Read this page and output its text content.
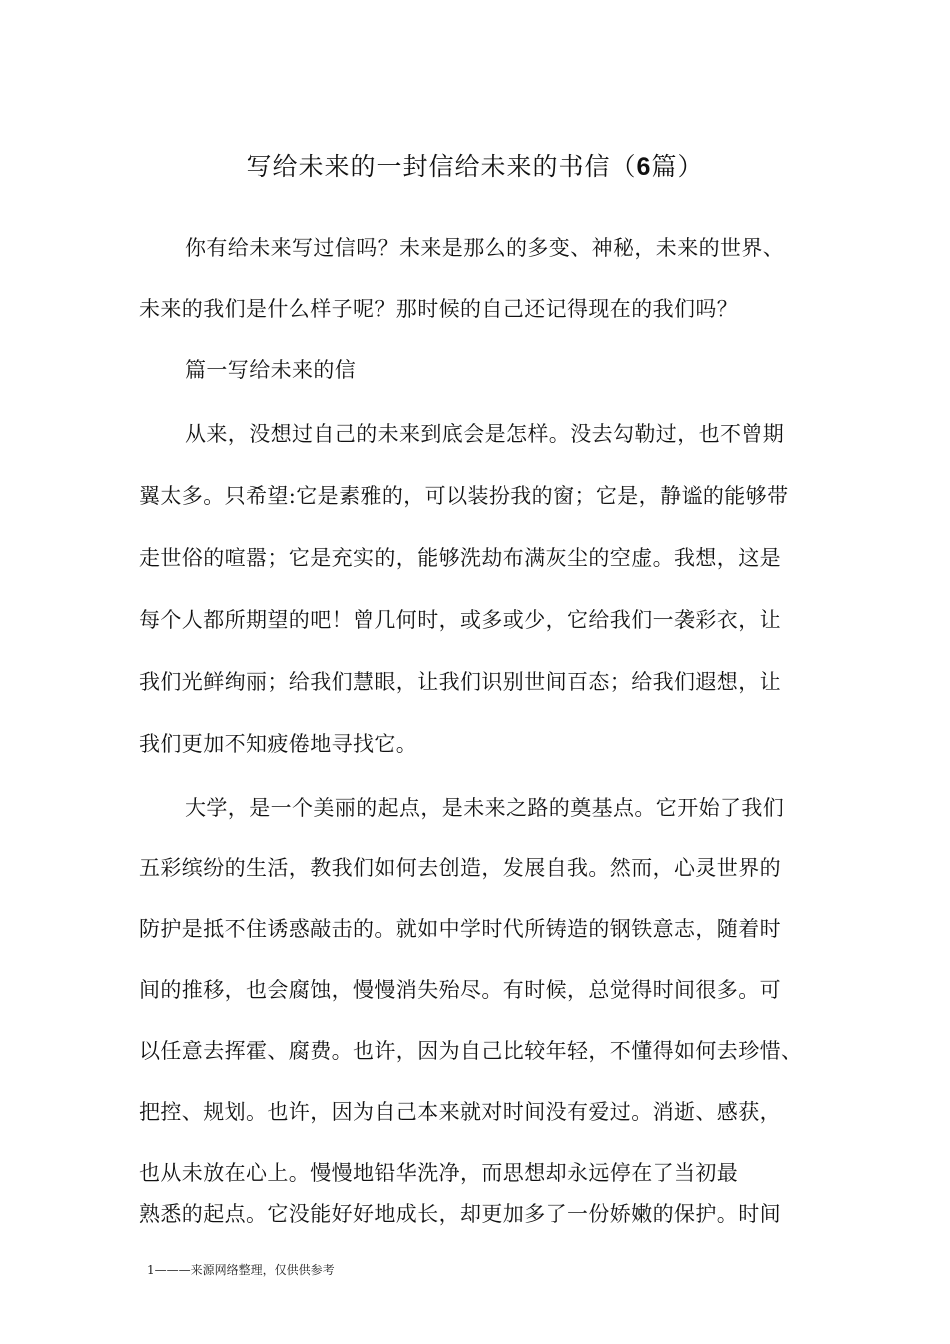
写给未来的一封信给未来的书信（6篇）
你有给未来写过信吗？未来是那么的多变、神秘，未来的世界、
未来的我们是什么样子呢？那时候的自己还记得现在的我们吗？
篇一写给未来的信
从来，没想过自己的未来到底会是怎样。没去勾勒过，也不曾期
翼太多。只希望:它是素雅的，可以装扮我的窗；它是，静谧的能够带
走世俗的喧嚣；它是充实的，能够洗劫布满灰尘的空虚。我想，这是
每个人都所期望的吧！曾几何时，或多或少，它给我们一袭彩衣，让
我们光鲜绚丽；给我们慧眼，让我们识别世间百态；给我们遐想，让
我们更加不知疲倦地寻找它。
大学，是一个美丽的起点，是未来之路的奠基点。它开始了我们
五彩缤纷的生活，教我们如何去创造，发展自我。然而，心灵世界的
防护是抵不住诱惑敲击的。就如中学时代所铸造的钢铁意志，随着时
间的推移，也会腐蚀，慢慢消失殆尽。有时候，总觉得时间很多。可
以任意去挥霍、腐费。也许，因为自己比较年轻，不懂得如何去珍惜、
把控、规划。也许，因为自己本来就对时间没有爱过。消逝、感获，
也从未放在心上。慢慢地铅华洗净，而思想却永远停在了当初最
熟悉的起点。它没能好好地成长，却更加多了一份娇嫩的保护。时间
1———来源网络整理，仅供供参考
